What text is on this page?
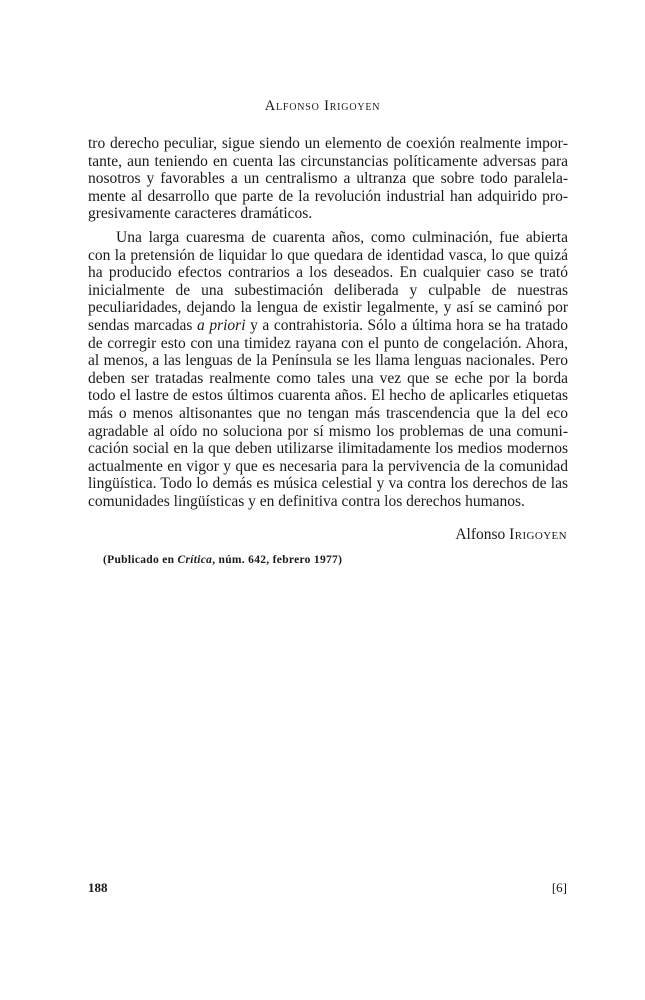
Alfonso Irigoyen

tro derecho peculiar, sigue siendo un elemento de coexión realmente importante, aun teniendo en cuenta las circunstancias políticamente adversas para nosotros y favorables a un centralismo a ultranza que sobre todo paralelamente al desarrollo que parte de la revolución industrial han adquirido progresivamente caracteres dramáticos.

Una larga cuaresma de cuarenta años, como culminación, fue abierta con la pretensión de liquidar lo que quedara de identidad vasca, lo que quizá ha producido efectos contrarios a los deseados. En cualquier caso se trató inicialmente de una subestimación deliberada y culpable de nuestras peculiaridades, dejando la lengua de existir legalmente, y así se caminó por sendas marcadas a priori y a contrahistoria. Sólo a última hora se ha tratado de corregir esto con una timidez rayana con el punto de congelación. Ahora, al menos, a las lenguas de la Península se les llama lenguas nacionales. Pero deben ser tratadas realmente como tales una vez que se eche por la borda todo el lastre de estos últimos cuarenta años. El hecho de aplicarles etiquetas más o menos altisonantes que no tengan más trascendencia que la del eco agradable al oído no soluciona por sí mismo los problemas de una comunicación social en la que deben utilizarse ilimitadamente los medios modernos actualmente en vigor y que es necesaria para la pervivencia de la comunidad lingüística. Todo lo demás es música celestial y va contra los derechos de las comunidades lingüísticas y en definitiva contra los derechos humanos.

Alfonso Irigoyen
(Publicado en Crítica, núm. 642, febrero 1977)
188	[6]
